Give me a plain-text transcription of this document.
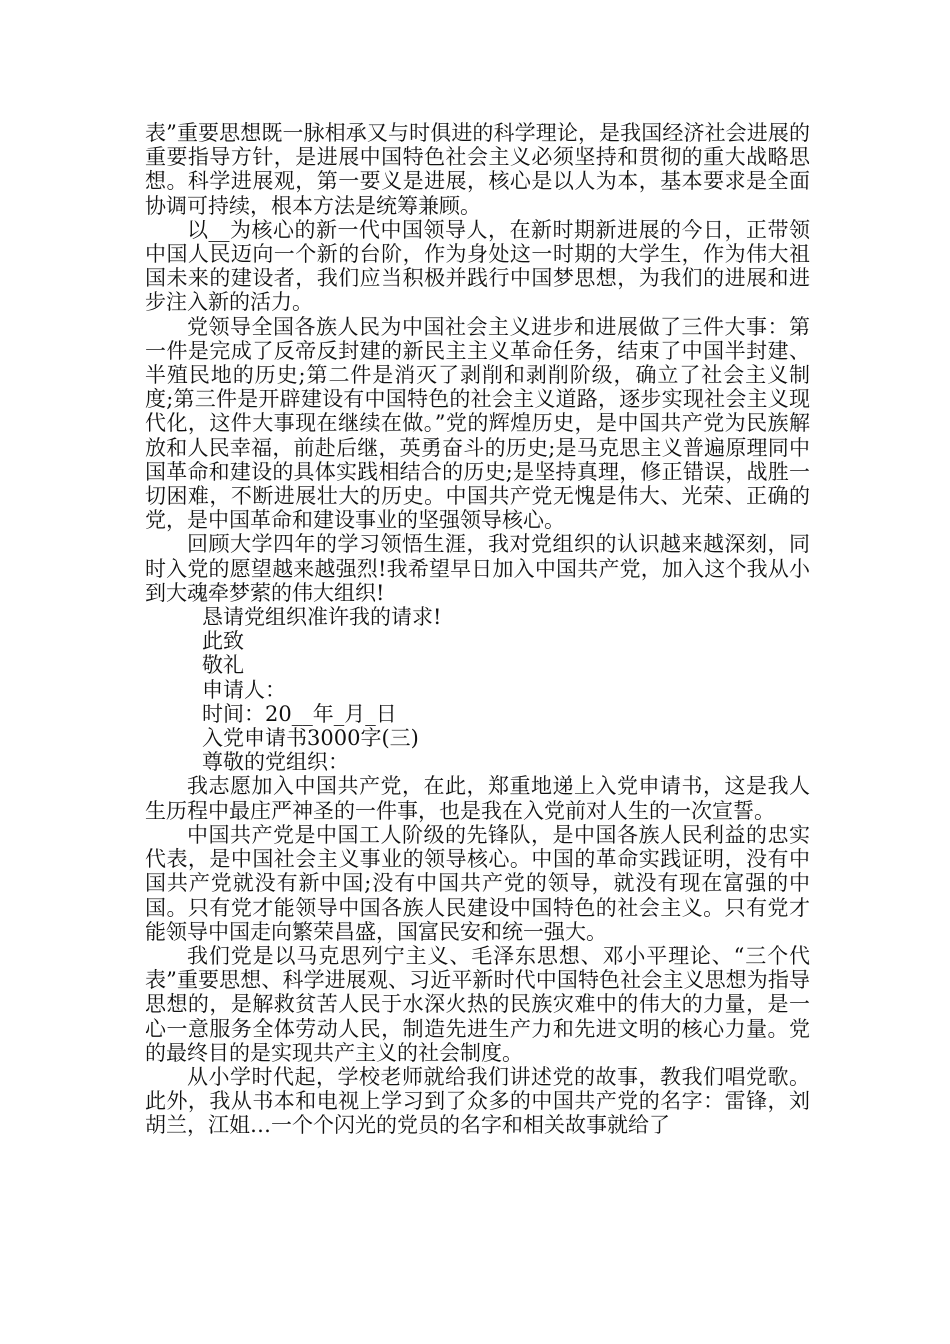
表”重要思想既一脉相承又与时俱进的科学理论，是我国经济社会进展的重要指导方针，是进展中国特色社会主义必须坚持和贯彻的重大战略思想。科学进展观，第一要义是进展，核心是以人为本，基本要求是全面协调可持续，根本方法是统筹兼顾。

以__为核心的新一代中国领导人，在新时期新进展的今日，正带领中国人民迈向一个新的台阶，作为身处这一时期的大学生，作为伟大祖国未来的建设者，我们应当积极并践行中国梦思想，为我们的进展和进步注入新的活力。

党领导全国各族人民为中国社会主义进步和进展做了三件大事：第一件是完成了反帝反封建的新民主主义革命任务，结束了中国半封建、半殖民地的历史;第二件是消灭了剥削和剥削阶级，确立了社会主义制度;第三件是开辟建设有中国特色的社会主义道路，逐步实现社会主义现代化，这件大事现在继续在做。”党的辉煌历史，是中国共产党为民族解放和人民幸福，前赴后继，英勇奋斗的历史;是马克思主义普遍原理同中国革命和建设的具体实践相结合的历史;是坚持真理，修正错误，战胜一切困难，不断进展壮大的历史。中国共产党无愧是伟大、光荣、正确的党，是中国革命和建设事业的坚强领导核心。

回顾大学四年的学习领悟生涯，我对党组织的认识越来越深刻，同时入党的愿望越来越强烈!我希望早日加入中国共产党，加入这个我从小到大魂牵梦萦的伟大组织!

恳请党组织准许我的请求!

此致

敬礼

申请人：

时间：20__年_月_日

入党申请书3000字(三)

尊敬的党组织：

我志愿加入中国共产党，在此，郑重地递上入党申请书，这是我人生历程中最庄严神圣的一件事，也是我在入党前对人生的一次宣誓。

中国共产党是中国工人阶级的先锋队，是中国各族人民利益的忠实代表，是中国社会主义事业的领导核心。中国的革命实践证明，没有中国共产党就没有新中国;没有中国共产党的领导，就没有现在富强的中国。只有党才能领导中国各族人民建设中国特色的社会主义。只有党才能领导中国走向繁荣昌盛，国富民安和统一强大。

我们党是以马克思列宁主义、毛泽东思想、邓小平理论、“三个代表”重要思想、科学进展观、习近平新时代中国特色社会主义思想为指导思想的，是解救贫苦人民于水深火热的民族灾难中的伟大的力量，是一心一意服务全体劳动人民，制造先进生产力和先进文明的核心力量。党的最终目的是实现共产主义的社会制度。

从小学时代起，学校老师就给我们讲述党的故事，教我们唱党歌。此外，我从书本和电视上学习到了众多的中国共产党的名字：雷锋，刘胡兰，江姐…一个个闪光的党员的名字和相关故事就给了
